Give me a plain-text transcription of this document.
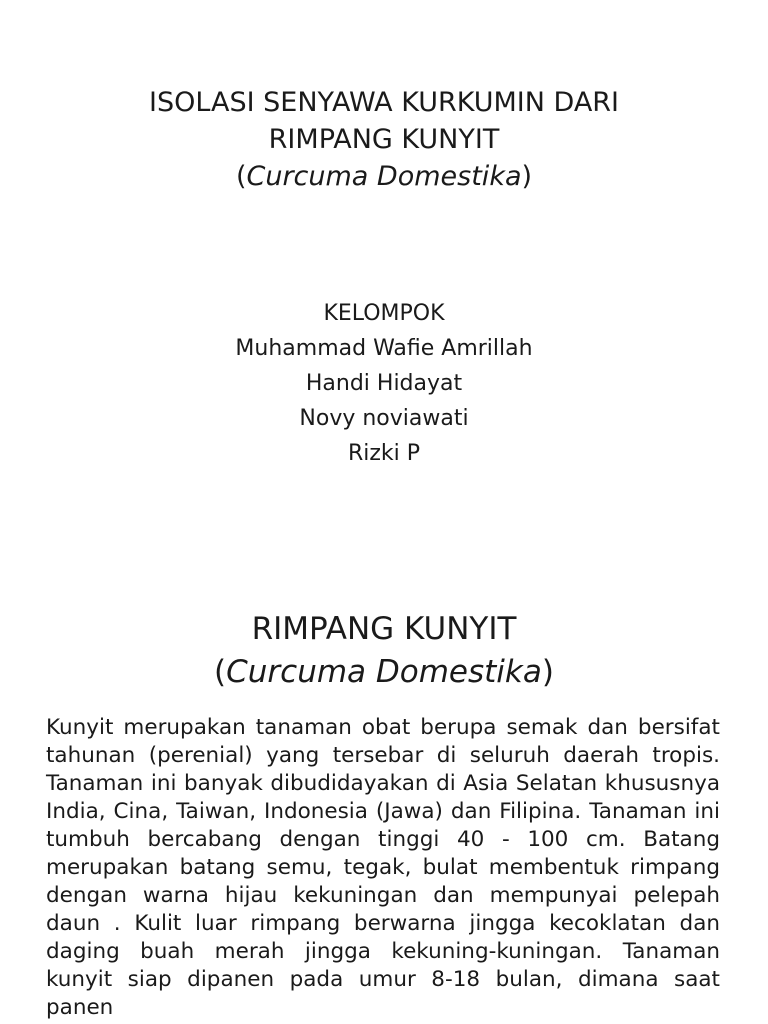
ISOLASI SENYAWA KURKUMIN DARI
RIMPANG KUNYIT
(Curcuma Domestika)
KELOMPOK
Muhammad Wafie Amrillah
Handi Hidayat
Novy noviawati
Rizki P
RIMPANG KUNYIT
(Curcuma Domestika)

Kunyit merupakan tanaman obat berupa semak dan bersifat tahunan (perenial) yang tersebar di seluruh daerah tropis. Tanaman ini banyak dibudidayakan di Asia Selatan khususnya India, Cina, Taiwan, Indonesia (Jawa) dan Filipina. Tanaman ini tumbuh bercabang dengan tinggi 40 - 100 cm. Batang merupakan batang semu, tegak, bulat membentuk rimpang dengan warna hijau kekuningan dan mempunyai pelepah daun . Kulit luar rimpang berwarna jingga kecoklatan dan daging buah merah jingga kekuning-kuningan. Tanaman kunyit siap dipanen pada umur 8-18 bulan, dimana saat panen
